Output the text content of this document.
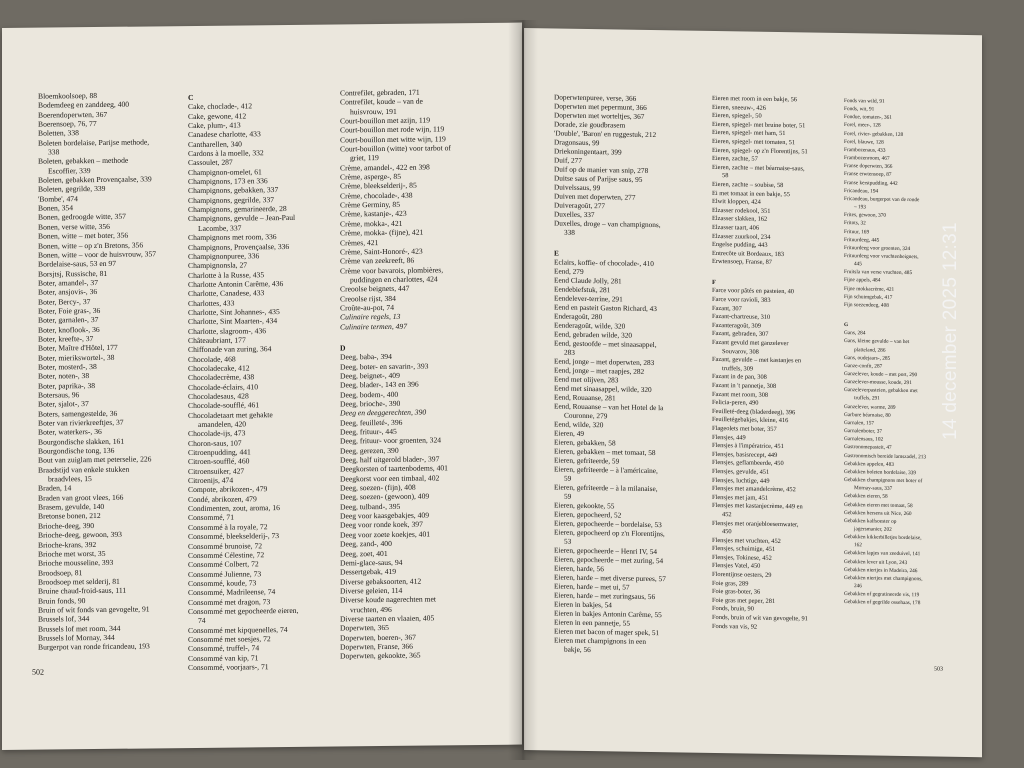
Bloemkoolsoep, 88
Bodemdeeg en zanddeeg, 400
Boerendoperwten, 367
Boerensoep, 76, 77
Boletten, 338
Boleten bordelaise, Parijse methode,
338
Boleten, gebakken – methode
Escoffier, 339
Boleten, gebakken Provençaalse, 339
Boleten, gegrilde, 339
'Bombe', 474
Bonen, 354
Bonen, gedroogde witte, 357
Bonen, verse witte, 356
Bonen, witte – met boter, 356
Bonen, witte – op z'n Bretons, 356
Bonen, witte – voor de huisvrouw, 357
Bordelaise-saus, 53 en 97
Borsjtsj, Russische, 81
Boter, amandel-, 37
Boter, ansjovis-, 36
Boter, Bercy-, 37
Boter, Foie gras-, 36
Boter, garnalen-, 37
Boter, knoflook-, 36
Boter, kreeftе-, 37
Boter, Maître d'Hôtel, 177
Boter, mierikswortel-, 38
Boter, mosterd-, 38
Boter, noten-, 38
Boter, paprika-, 38
Botersaus, 96
Boter, sjalot-, 37
Boters, samengestelde, 36
Boter van rivierkreeftjes, 37
Boter, waterkers-, 36
Bourgondische slakken, 161
Bourgondische tong, 136
Bout van zuiglam met peterselie, 226
Braadstijd van enkele stukken
braadvlees, 15
Braden, 14
Braden van groot vlees, 166
Brasem, gevulde, 140
Bretonse bonen, 212
Brioche-deeg, 390
Brioche-deeg, gewoon, 393
Brioche-krans, 392
Brioche met worst, 35
Brioche mousseline, 393
Broodsoep, 81
Broodsoep met selderij, 81
Bruine chaud-froid-saus, 111
Bruin fonds, 90
Bruin of wit fonds van gevogelte, 91
Brussels lof, 344
Brussels lof met room, 344
Brussels lof Mornay, 344
Burgerpot van ronde fricandeau, 193
C
Cake, choclade-, 412
Cake, gewone, 412
Cake, plum-, 413
Canadese charlotte, 433
Cantharellen, 340
Cardons à la moelle, 332
Cassoulet, 287
Champignon-omelet, 61
Champignons, 173 en 336
Champignons, gebakken, 337
Champignons, gegrilde, 337
Champignons, gemarineerde, 28
Champignons, gevulde – Jean-Paul
Lacombe, 337
Champignons met room, 336
Champignons, Provençaalse, 336
Champignonpuree, 336
Champignonsla, 27
Charlotte à la Russe, 435
Charlotte Antonin Carême, 436
Charlotte, Canadese, 433
Charlottes, 433
Charlotte, Sint Johannes-, 435
Charlotte, Sint Maarten-, 434
Charlotte, slagroom-, 436
Châteaubriant, 177
Chiffonade van zuring, 364
Chocolade, 468
Chocoladecake, 412
Chocoladecrème, 438
Chocolade-éclairs, 410
Chocoladesaus, 428
Chocolade-soufflé, 461
Chocoladetaart met gehakte
amandelen, 420
Chocolade-ijs, 473
Choron-saus, 107
Citroenpudding, 441
Citroen-soufflé, 460
Citroensuiker, 427
Citroenijs, 474
Compote, abrikozen-, 479
Condé, abrikozen, 479
Condimenten, zout, aroma, 16
Consommé, 71
Consommé à la royale, 72
Consommé, bleekselderij-, 73
Consommé brunoise, 72
Consommé Célestine, 72
Consommé Colbert, 72
Consommé Julienne, 73
Consommé, koude, 73
Consommé, Madrileense, 74
Consommé met dragon, 73
Consommé met gepocheerde eieren,
74
Consommé met kipquenelles, 74
Consommé met soesjes, 72
Consommé, truffel-, 74
Consommé van kip, 71
Consommé, voorjaars-, 71
Contrefilet, gebraden, 171
Contrefilet, koude – van de
huisvrouw, 191
Court-bouillon met azijn, 119
Court-bouillon met rode wijn, 119
Court-bouillon met witte wijn, 119
Court-bouillon (witte) voor tarbot of
griet, 119
Crème, amandel-, 422 en 398
Crème, asperge-, 85
Crème, bleekselderij-, 85
Crème, chocolade-, 438
Crème Germiny, 85
Crème, kastanje-, 423
Crème, mokka-, 421
Crème, mokka- (fijne), 421
Crèmes, 421
Crème, Saint-Honoré-, 423
Crème van zeekreeft, 86
Crème voor bavarois, plombières,
puddingen en charlottes, 424
Creoolse beignets, 447
Creoolse rijst, 384
Croûte-au-pot, 74
Culinaire regels, 13
Culinaire termen, 497
D
Deeg, baba-, 394
Deeg, boter- en savarin-, 393
Deeg, beignet-, 409
Deeg, blader-, 143 en 396
Deeg, bodem-, 400
Deeg, brioche-, 390
Deeg en deeggerechten, 390
Deeg, feuilleté-, 396
Deeg, frituur-, 445
Deeg, frituur- voor groenten, 324
Deeg, gerezen, 390
Deeg, half uitgerold blader-, 397
Deegkorsten of taartenbodems, 401
Deegkorst voor een timbaal, 402
Deeg, soezen- (fijn), 408
Deeg, soezen- (gewoon), 409
Deeg, tulband-, 395
Deeg voor kaasgebakjes, 409
Deeg voor ronde koek, 397
Deeg voor zoete koekjes, 401
Deeg, zand-, 400
Deeg, zoet, 401
Demi-glace-saus, 94
Dessertgebak, 419
Diverse gebaksoorten, 412
Diverse geleien, 114
Diverse koude nagerechten met
vruchten, 496
Diverse taarten en vlaaien, 405
Doperwten, 365
Doperwten, boeren-, 367
Doperwten, Franse, 366
Doperwten, gekookte, 365
502
Doperwtenpuree, verse, 366
Doperwten met pepermunt, 366
Doperwten met worteltjes, 367
Dorade, zie goudbrasem
'Double', 'Baron' en ruggestuk, 212
Dragonsaus, 99
Driekoningentaart, 399
Duif, 277
Duif op de manier van snip, 278
Duitse saus of Parijse saus, 95
Duivelssaus, 99
Duiven met doperwten, 277
Duiveragoût, 277
Duxelles, 337
Duxelles, droge – van champignons,
338
E
Eclairs, koffie- of chocolade-, 410
Eend, 279
Eend Claude Jolly, 281
Eendebiefstuk, 281
Eendelever-terrine, 291
Eend en pasteit Gaston Richard, 43
Enderagoût, 280
Eenderagoût, wilde, 320
Eend, gebraden wilde, 320
Eend, gestoofde – met sinaasappel,
283
Eend, jonge – met doperwten, 283
Eend, jonge – met raapjes, 282
Eend met olijven, 283
Eend met sinaasappel, wilde, 320
Eend, Rouaanse, 281
Eend, Rouaanse – van het Hotel de la
Couronne, 279
Eend, wilde, 320
Eieren, 49
Eieren, gebakken, 58
Eieren, gebakken – met tomaat, 58
Eieren, gefriteerde, 59
Eieren, gefriteerde – à l'américaine,
59
Eieren, gefriteerde – à la milanaise,
59
Eieren, gekookte, 55
Eieren, gepocheerd, 52
Eieren, gepocheerde – bordelaise, 53
Eieren, gepocheerd op z'n Florentijns,
53
Eieren, gepocheerde – Henri IV, 54
Eieren, gepocheerde – met zuring, 54
Eieren, harde, 56
Eieren, harde – met diverse purees, 57
Eieren, harde – met ui, 57
Eieren, harde – met zuringsaus, 56
Eieren in bakjes, 54
Eieren in bakjes Antonin Carême, 55
Eieren in een pannetje, 55
Eieren met bacon of mager spek, 51
Eieren met champignons in een
bakje, 56
Eieren met room in een bakje, 56
Eieren, sneeuw-, 426
Eieren, spiegel-, 50
Eieren, spiegel- met bruine boter, 51
Eieren, spiegel- met ham, 51
Eieren, spiegel- met tomaten, 51
Eieren, spiegel- op z'n Florentijns, 51
Eieren, zachte, 57
Eieren, zachte – met béarnaise-saus,
58
Eieren, zachte – soubise, 58
Ei met tomaat in een bakje, 55
Elwit kloppen, 424
Elzasser rodekool, 351
Elzasser slakken, 162
Elzasser taart, 406
Elzasser zuurkool, 234
Engelse pudding, 443
Entrecôte uit Bordeaux, 183
Erwtensoep, Franse, 87
F
Farce voor pâtés en pasteien, 40
Farce voor ravioli, 383
Fazant, 307
Fazant-chartreuse, 310
Fazanteragoût, 309
Fazant, gebraden, 307
Fazant gevuld met ganzelever
Souvarov, 308
Fazant, gevulde – met kastanjes en
truffels, 309
Fazant in de pan, 308
Fazant in 't pannetje, 308
Fazant met room, 308
Felicia-peren, 490
Feuilleté-deeg (bladerdeeg), 396
Feuilletégebakjes, kleine, 416
Flageolets met boter, 357
Flensjes, 449
Flensjes à l'impératrice, 451
Flensjes, basisrecept, 449
Flensjes, geflambeerde, 450
Flensjes, gevulde, 451
Flensjes, luchtige, 449
Flensjes met amandelcrème, 452
Flensjes met jam, 451
Flensjes met kastanjecrème, 449 en
452
Flensjes met oranjebloesemwater,
450
Flensjes met vruchten, 452
Flensjes, schuimige, 451
Flensjes, Tokinese, 452
Flensjes Vatel, 450
Florentijnse oesters, 29
Foie gras, 289
Foie gras-boter, 36
Foie gras met peper, 281
Fonds, bruin, 90
Fonds, bruin of wit van gevogelte, 91
Fonds van vis, 92
Fonds van wild, 91
Fonds, wit, 91
Fondue, tomaten-, 361
Forel, meer-, 128
Forel, rivier- gebakken, 128
Forel, blauwe, 128
Frambozenaus, 433
Frambozenroom, 467
Franse doperwten, 366
Franse erwtensoep, 87
Franse kerstpudding, 442
Fricandeau, 194
Fricandeau, burgerpot van de ronde
– 193
Frites, gewoon, 370
Fritots, 32
Frituur, 169
Frituurdeeg, 445
Frituurdeeg voor groenten, 324
Frituurdeeg voor vruchtenbeignets,
445
Fruitsla van verse vruchten, 485
Fijne appels, 484
Fijne mokkacrème, 421
Fijn schuimgebak, 417
Fijn soezendeeg, 408
G
Gans, 284
Gans, kleine gevulde – van het
platteland, 286
Gans, oudejaars-, 285
Ganze-confit, 287
Ganzelever, koude – met port, 290
Ganzelever-mousse, koude, 291
Ganzeleverpasteien, gebakken met
truffels, 291
Ganzelever, warme, 289
Garbure béarnaise, 80
Garnalen, 157
Garnalenboter, 37
Garnalensaus, 102
Gastronomepasteit, 47
Gastronomisch bereide lamszadel, 213
Gebakken appelen, 483
Gebakken boleten bordelaise, 339
Gebakken champignons met boter of
Mornay-saus, 337
Gebakken eieren, 58
Gebakken eieren met tomaat, 58
Gebakken hersens uit Nice, 260
Gebakken kalfsoester op
jagersmanier, 202
Gebakken kikkerbilletjes bordelaise,
162
Gebakken lapjes van zeeduivel, 141
Gebakken lever uit Lyon, 243
Gebakken niertjes in Madeira, 246
Gebakken niertjes met champignons,
246
Gebakken of gegratineerde vis, 119
Gebakken of gegrilde ossehaas, 178
503
14 december 2025 12:31
